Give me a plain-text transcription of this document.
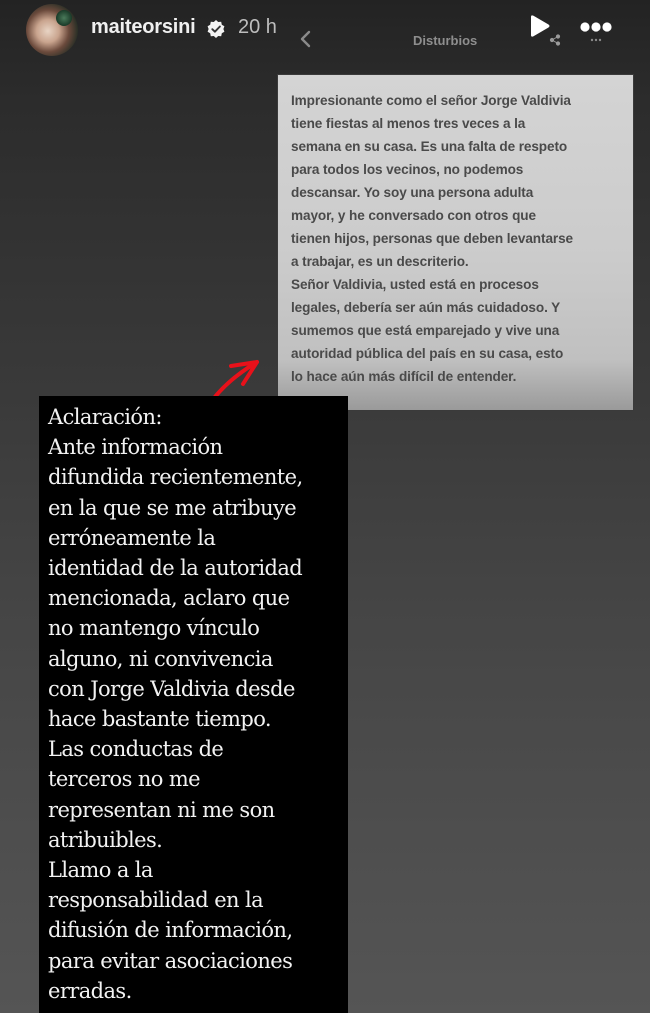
maiteorsini 20 h
Disturbios
Impresionante como el señor Jorge Valdivia
tiene fiestas al menos tres veces a la
semana en su casa. Es una falta de respeto
para todos los vecinos, no podemos
descansar. Yo soy una persona adulta
mayor, y he conversado con otros que
tienen hijos, personas que deben levantarse
a trabajar, es un descriterio.
Señor Valdivia, usted está en procesos
legales, debería ser aún más cuidadoso. Y
sumemos que está emparejado y vive una
autoridad pública del país en su casa, esto
lo hace aún más difícil de entender.
Aclaración:
Ante información
difundida recientemente,
en la que se me atribuye
erróneamente la
identidad de la autoridad
mencionada, aclaro que
no mantengo vínculo
alguno, ni convivencia
con Jorge Valdivia desde
hace bastante tiempo.
Las conductas de
terceros no me
representan ni me son
atribuibles.
Llamo a la
responsabilidad en la
difusión de información,
para evitar asociaciones
erradas.
